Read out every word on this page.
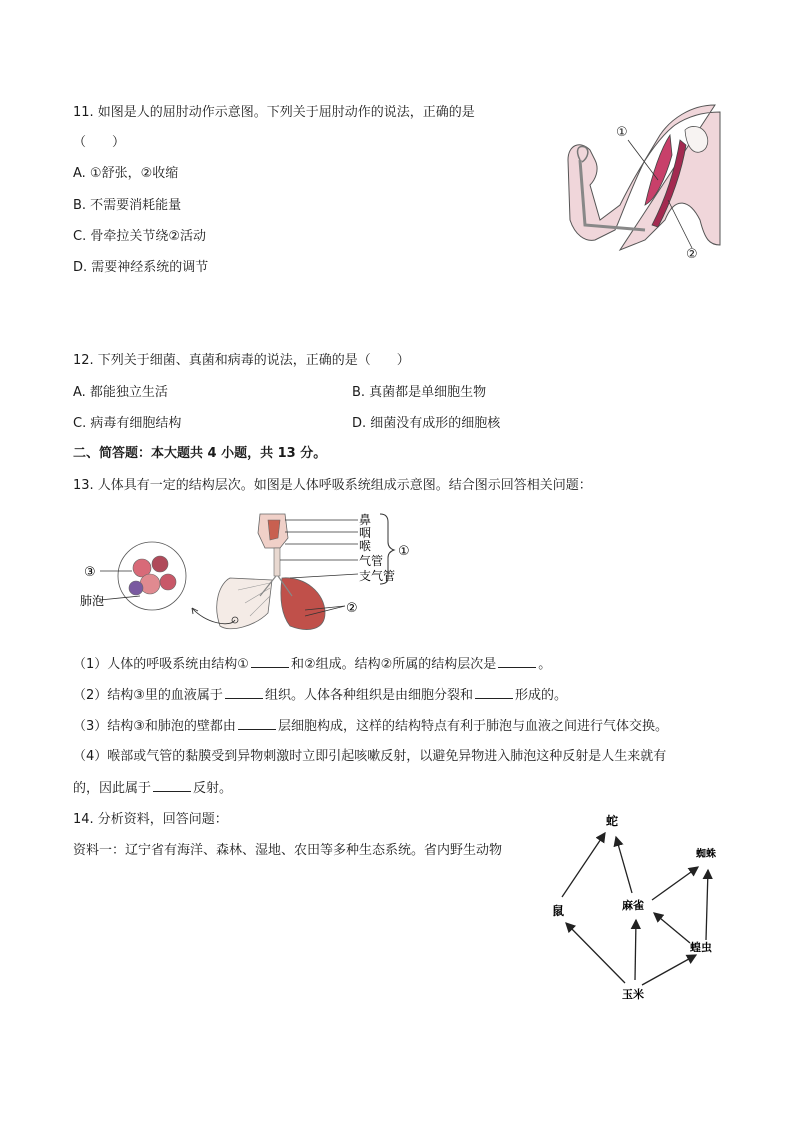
11. 如图是人的屈肘动作示意图。下列关于屈肘动作的说法，正确的是
（　　）
A. ①舒张，②收缩
B. 不需要消耗能量
C. 骨牵拉关节绕②活动
D. 需要神经系统的调节
①
②
12. 下列关于细菌、真菌和病毒的说法，正确的是（　　）
A. 都能独立生活	B. 真菌都是单细胞生物
C. 病毒有细胞结构	D. 细菌没有成形的细胞核
二、简答题：本大题共 4 小题，共 13 分。
13. 人体具有一定的结构层次。如图是人体呼吸系统组成示意图。结合图示回答相关问题：
鼻
咽
喉
气管
支气管
①
②
③
肺泡
（1）人体的呼吸系统由结构①	和②组成。结构②所属的结构层次是	。
（2）结构③里的血液属于	组织。人体各种组织是由细胞分裂和	形成的。
（3）结构③和肺泡的壁都由	层细胞构成，这样的结构特点有利于肺泡与血液之间进行气体交换。
（4）喉部或气管的黏膜受到异物刺激时立即引起咳嗽反射，以避免异物进入肺泡这种反射是人生来就有
的，因此属于	反射。
14. 分析资料，回答问题：
资料一：辽宁省有海洋、森林、湿地、农田等多种生态系统。省内野生动物
蛇
蜘蛛
鼠	麻雀
蝗虫
玉米
